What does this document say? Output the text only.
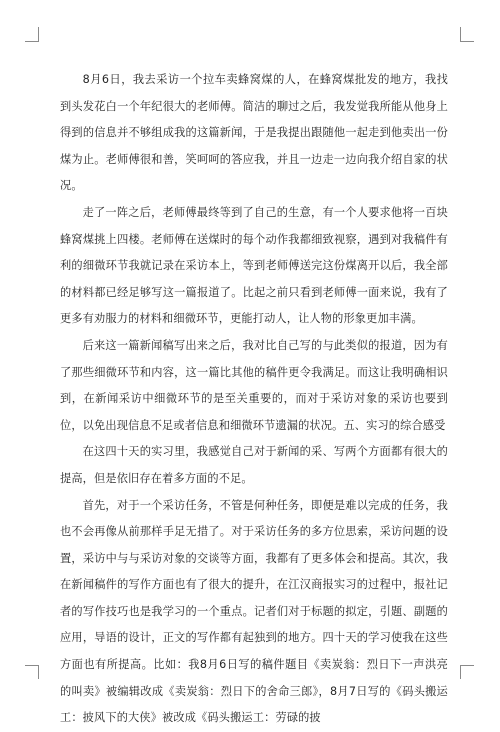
8月6日，我去采访一个拉车卖蜂窝煤的人，在蜂窝煤批发的地方，我找到头发花白一个年纪很大的老师傅。简洁的聊过之后，我发觉我所能从他身上得到的信息并不够组成我的这篇新闻，于是我提出跟随他一起走到他卖出一份煤为止。老师傅很和善，笑呵呵的答应我，并且一边走一边向我介绍自家的状况。

走了一阵之后，老师傅最终等到了自己的生意，有一个人要求他将一百块蜂窝煤挑上四楼。老师傅在送煤时的每个动作我都细致视察，遇到对我稿件有利的细微环节我就记录在采访本上，等到老师傅送完这份煤离开以后，我全部的材料都已经足够写这一篇报道了。比起之前只看到老师傅一面来说，我有了更多有劝服力的材料和细微环节，更能打动人，让人物的形象更加丰满。

后来这一篇新闻稿写出来之后，我对比自己写的与此类似的报道，因为有了那些细微环节和内容，这一篇比其他的稿件更令我满足。而这让我明确相识到，在新闻采访中细微环节的是至关重要的，而对于采访对象的采访也要到位，以免出现信息不足或者信息和细微环节遗漏的状况。五、实习的综合感受

在这四十天的实习里，我感觉自己对于新闻的采、写两个方面都有很大的提高，但是依旧存在着多方面的不足。

首先，对于一个采访任务，不管是何种任务，即便是难以完成的任务，我也不会再像从前那样手足无措了。对于采访任务的多方位思索，采访问题的设置，采访中与与采访对象的交谈等方面，我都有了更多体会和提高。其次，我在新闻稿件的写作方面也有了很大的提升，在江汉商报实习的过程中，报社记者的写作技巧也是我学习的一个重点。记者们对于标题的拟定，引题、副题的应用，导语的设计，正文的写作都有起独到的地方。四十天的学习使我在这些方面也有所提高。比如：我8月6日写的稿件题目《卖炭翁：烈日下一声洪亮的叫卖》被编辑改成《卖炭翁：烈日下的舍命三郎》，8月7日写的《码头搬运工：披风下的大侠》被改成《码头搬运工：劳碌的披
